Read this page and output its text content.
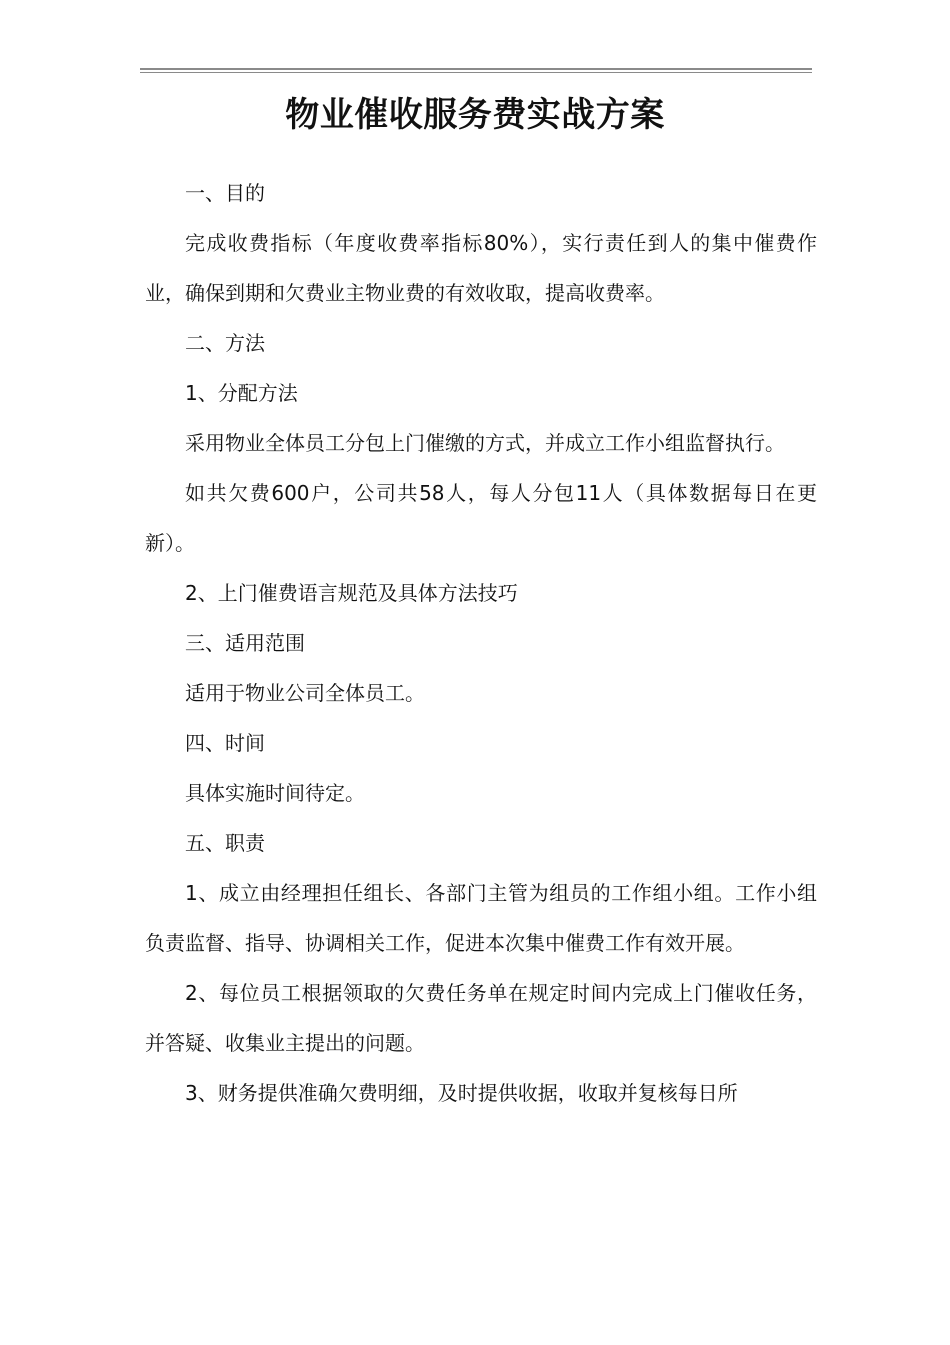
物业催收服务费实战方案

一、目的

完成收费指标（年度收费率指标80%），实行责任到人的集中催费作业，确保到期和欠费业主物业费的有效收取，提高收费率。

二、方法

1、分配方法

采用物业全体员工分包上门催缴的方式，并成立工作小组监督执行。

如共欠费600户，公司共58人，每人分包11人（具体数据每日在更新）。

2、上门催费语言规范及具体方法技巧

三、适用范围

适用于物业公司全体员工。

四、时间

具体实施时间待定。

五、职责

1、成立由经理担任组长、各部门主管为组员的工作组小组。工作小组负责监督、指导、协调相关工作，促进本次集中催费工作有效开展。

2、每位员工根据领取的欠费任务单在规定时间内完成上门催收任务，并答疑、收集业主提出的问题。

3、财务提供准确欠费明细，及时提供收据，收取并复核每日所
